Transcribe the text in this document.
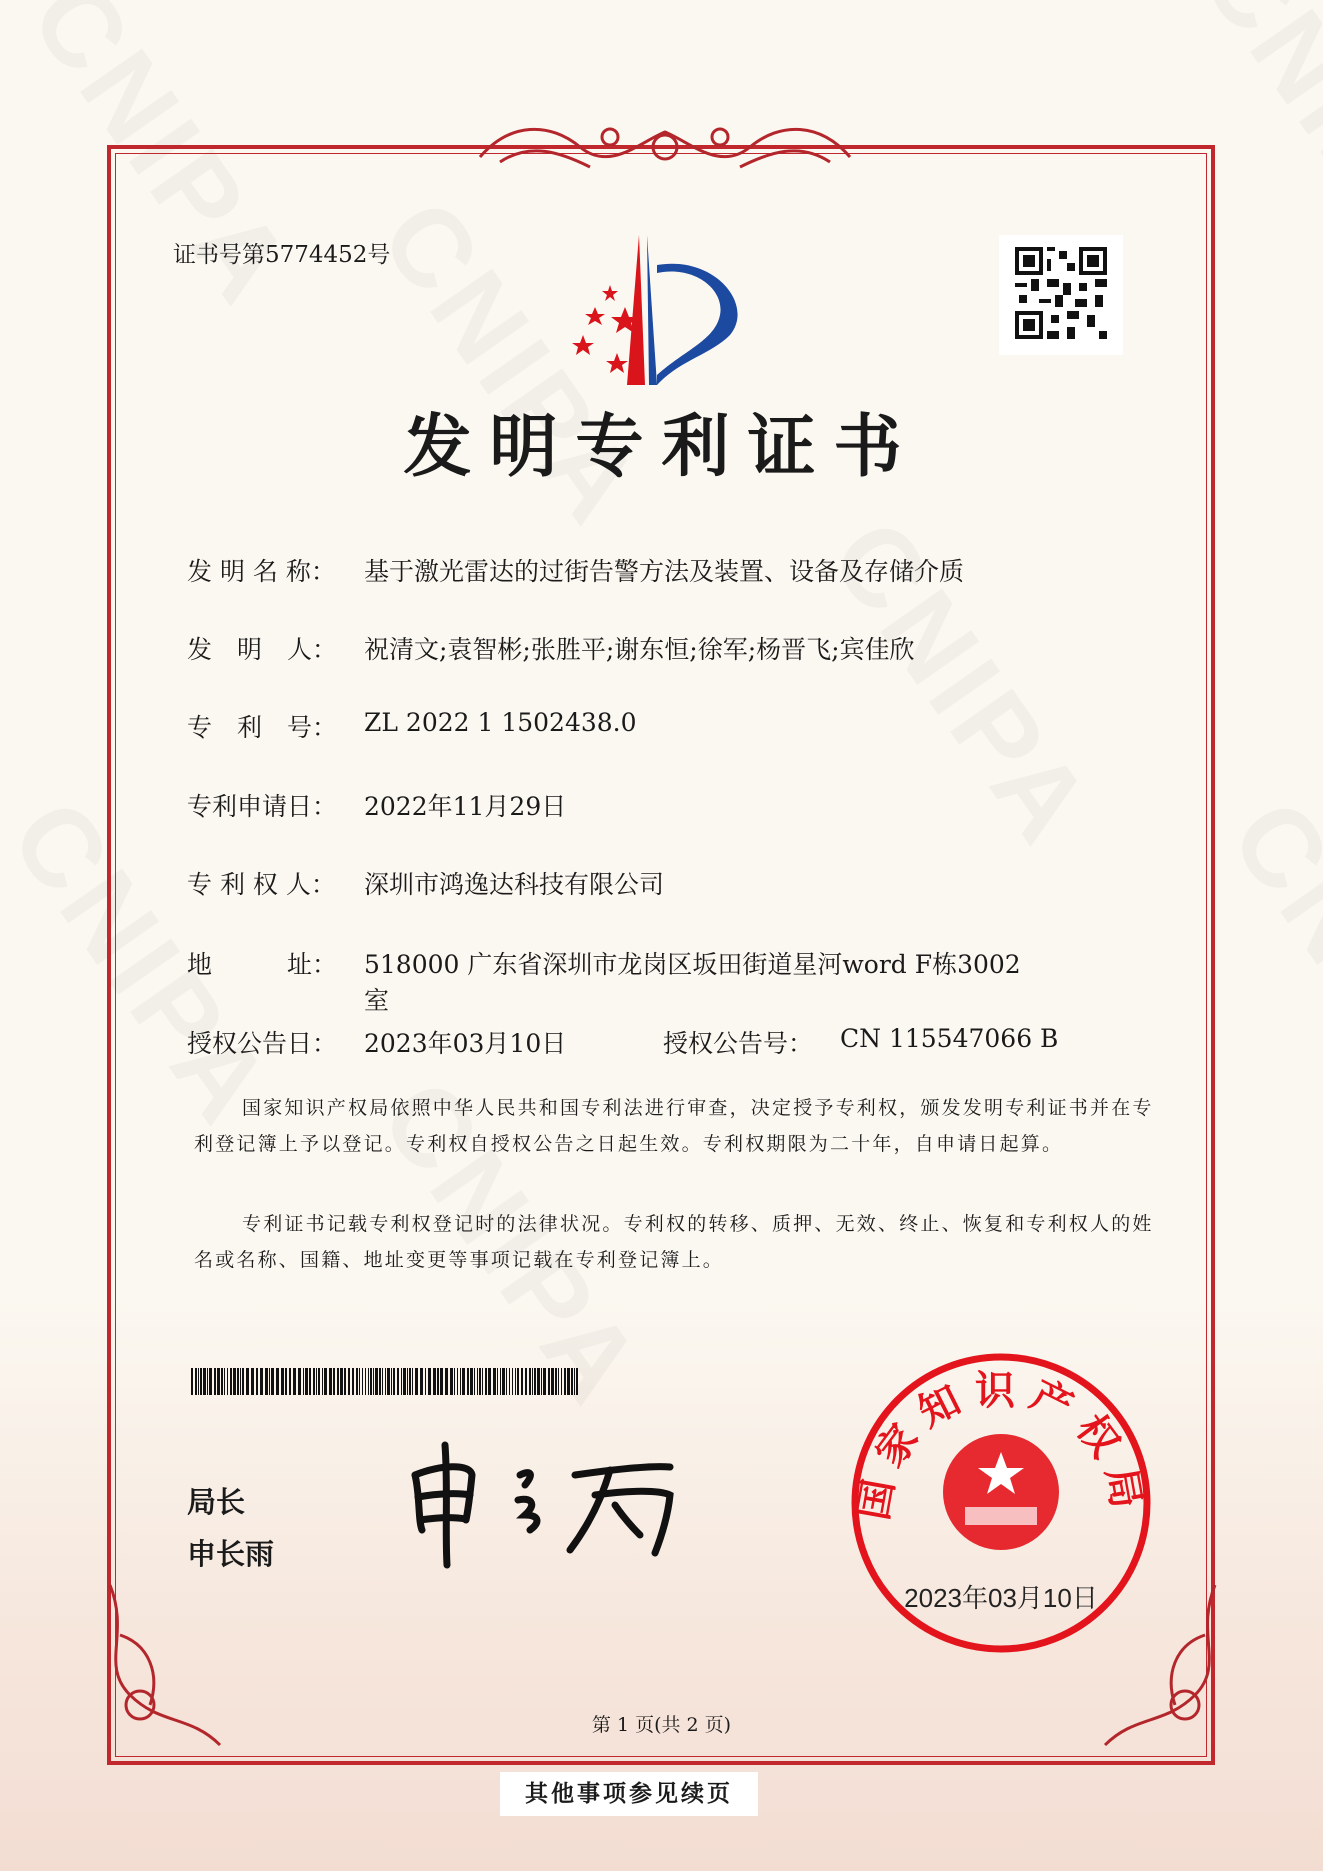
证书号第5774452号
发明专利证书
发 明 名 称： 基于激光雷达的过街告警方法及装置、设备及存储介质
发　明　人： 祝清文;袁智彬;张胜平;谢东恒;徐军;杨晋飞;宾佳欣
专　利　号： ZL 2022 1 1502438.0
专利申请日： 2022年11月29日
专 利 权 人： 深圳市鸿逸达科技有限公司
地　　　址： 518000 广东省深圳市龙岗区坂田街道星河word F栋3002
室
授权公告日： 2023年03月10日	授权公告号： CN 115547066 B
国家知识产权局依照中华人民共和国专利法进行审查，决定授予专利权，颁发发明专利证书并在专利登记簿上予以登记。专利权自授权公告之日起生效。专利权期限为二十年，自申请日起算。
专利证书记载专利权登记时的法律状况。专利权的转移、质押、无效、终止、恢复和专利权人的姓名或名称、国籍、地址变更等事项记载在专利登记簿上。
局长
申长雨
国家知识产权局
2023年03月10日
第 1 页(共 2 页)
其他事项参见续页
